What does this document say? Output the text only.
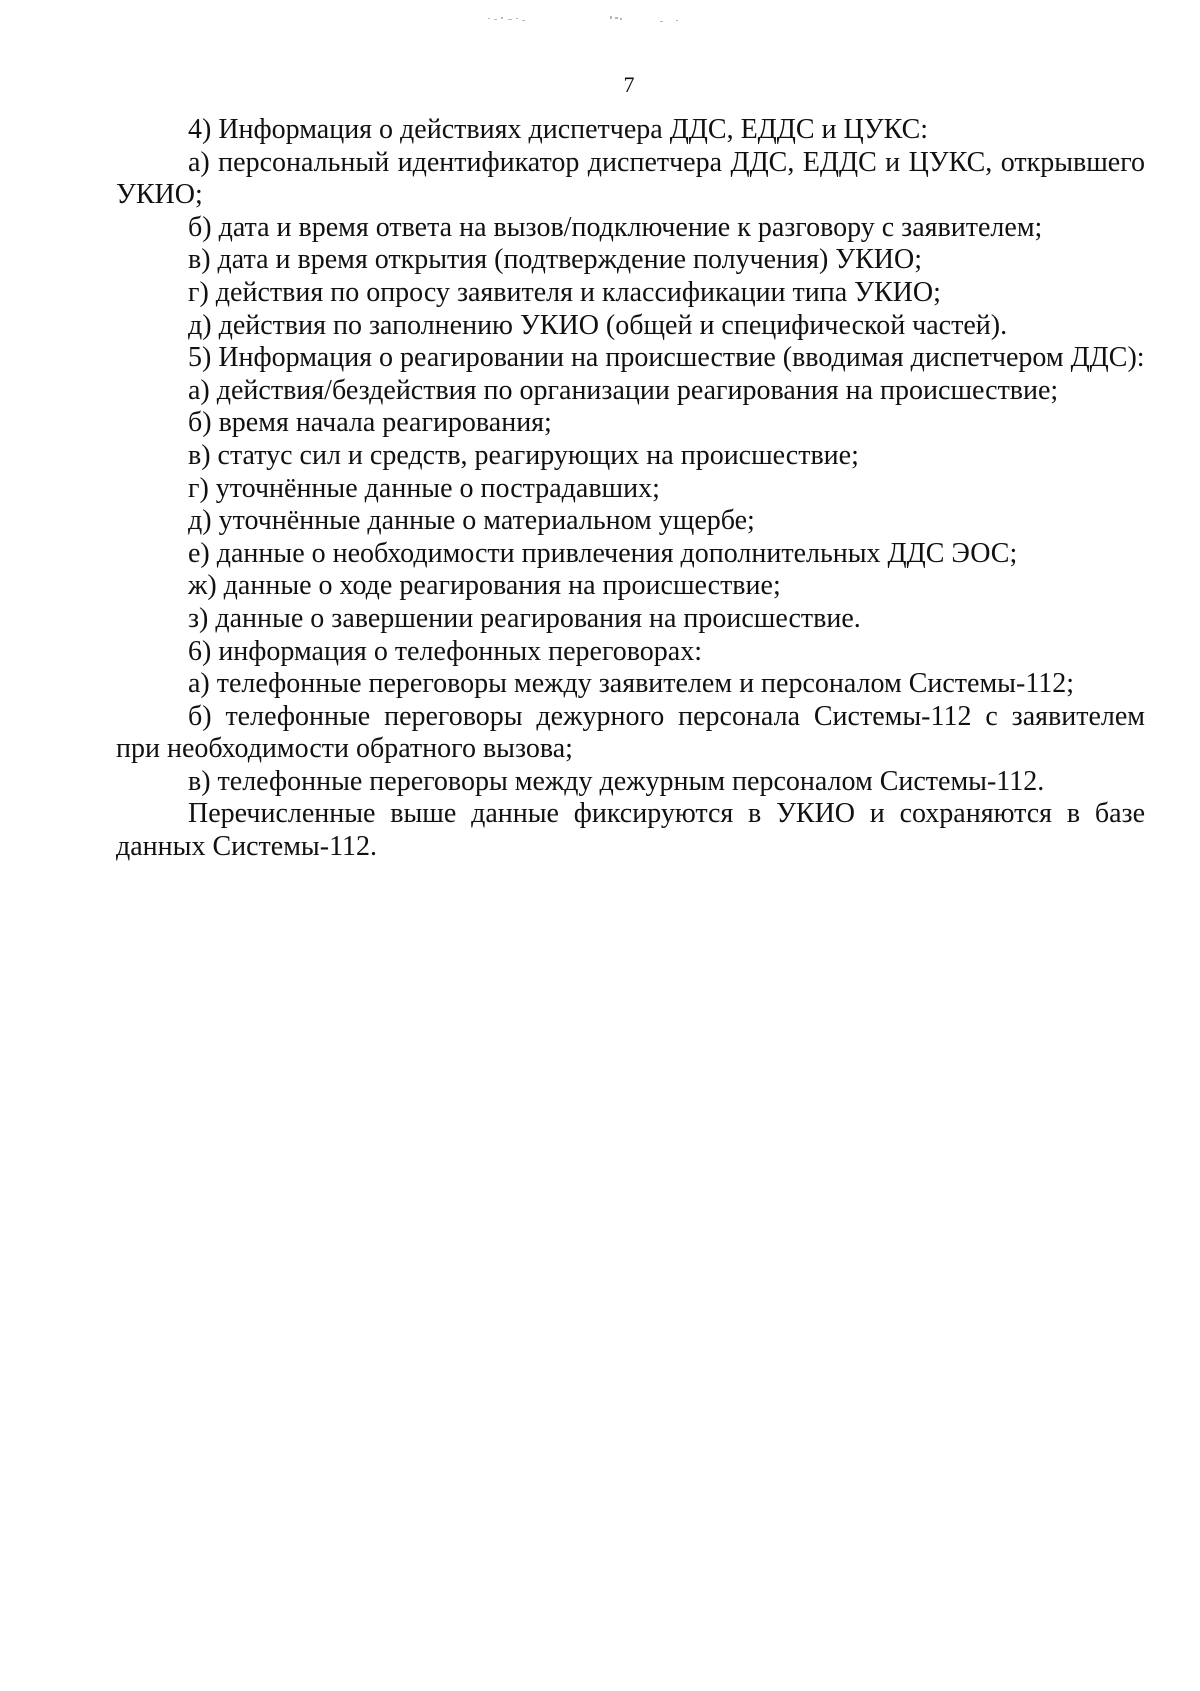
7

4) Информация о действиях диспетчера ДДС, ЕДДС и ЦУКС:

а) персональный идентификатор диспетчера ДДС, ЕДДС и ЦУКС, открывшего УКИО;

б) дата и время ответа на вызов/подключение к разговору с заявителем;

в) дата и время открытия (подтверждение получения) УКИО;

г) действия по опросу заявителя и классификации типа УКИО;

д) действия по заполнению УКИО (общей и специфической частей).

5) Информация о реагировании на происшествие (вводимая диспетчером ДДС):

а) действия/бездействия по организации реагирования на происшествие;

б) время начала реагирования;

в) статус сил и средств, реагирующих на происшествие;

г) уточнённые данные о пострадавших;

д) уточнённые данные о материальном ущербе;

е) данные о необходимости привлечения дополнительных ДДС ЭОС;

ж) данные о ходе реагирования на происшествие;

з) данные о завершении реагирования на происшествие.

6) информация о телефонных переговорах:

а) телефонные переговоры между заявителем и персоналом Системы-112;

б) телефонные переговоры дежурного персонала Системы-112 с заявителем при необходимости обратного вызова;

в) телефонные переговоры между дежурным персоналом Системы-112.

Перечисленные выше данные фиксируются в УКИО и сохраняются в базе данных Системы-112.
